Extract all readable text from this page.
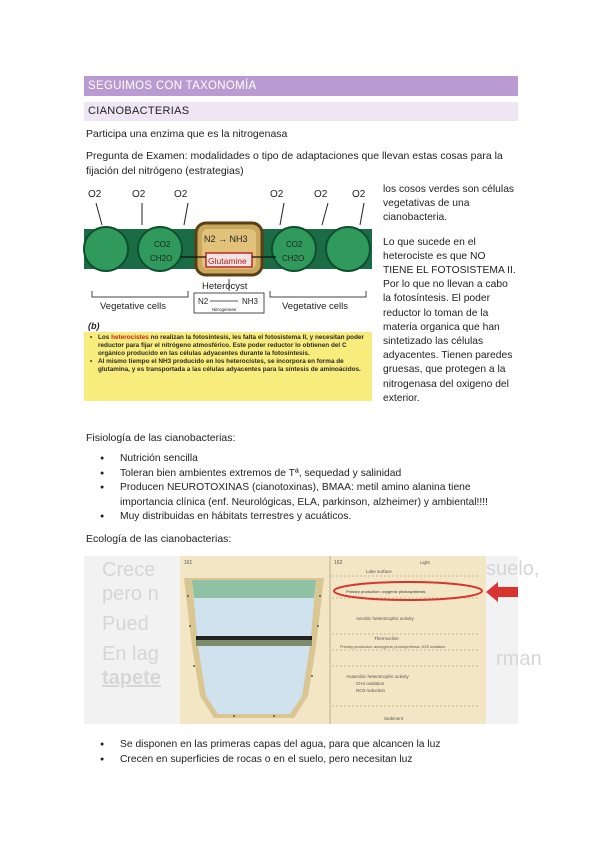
SEGUIMOS CON TAXONOMÍA
CIANOBACTERIAS
Participa una enzima que es la nitrogenasa
Pregunta de Examen: modalidades o tipo de adaptaciones que llevan estas cosas para la fijación del nitrógeno (estrategias)
O2	O2	O2	O2	O2 O2
N2 → NH3
Glutamine
CO2
CH2O
CO2
CH2O
Heterocyst
Vegetative cells	Vegetative cells
N2	NH3
Nitrogenase
(b)
• Los heterocistes no realizan la fotosíntesis, les falta el fotosistema II, y necesitan poder reductor para fijar el nitrógeno atmosférico. Este poder reductor lo obtienen del C orgánico producido en las células adyacentes durante la fotosíntesis.
• Al mismo tiempo el NH3 producido en los heterocistes, se incorpora en forma de glutamina, y es transportada a las células adyacentes para la síntesis de aminoácidos.

los cosos verdes son células vegetativas de una cianobacteria.

Lo que sucede en el heterociste es que NO TIENE EL FOTOSISTEMA II. Por lo que no llevan a cabo la fotosíntesis. El poder reductor lo toman de la materia organica que han sintetizado las células adyacentes. Tienen paredes gruesas, que protegen a la nitrogenasa del oxigeno del exterior.

Fisiología de las cianobacterias:
● Nutrición sencilla
● Toleran bien ambientes extremos de Tª, sequedad y salinidad
● Producen NEUROTOXINAS (cianotoxinas), BMAA: metil amino alanina tiene importancia clínica (enf. Neurológicas, ELA, parkinson, alzheimer) y ambiental!!!!
● Muy distribuidas en hábitats terrestres y acuáticos.
Ecología de las cianobacterias:
Crece
pero n
Pued
En lag
tapete
suelo,
rman
161	162	Light
Lake surface
Primary production: oxygenic photosynthesis
Aerobic heterotrophic activity
Thermocline
Primary production: anoxygenic photosynthesis, H2S oxidation
Anaerobic heterotrophic activity
CH4 oxidation
NO3 reduction
Sediment
● Se disponen en las primeras capas del agua, para que alcancen la luz
● Crecen en superficies de rocas o en el suelo, pero necesitan luz
